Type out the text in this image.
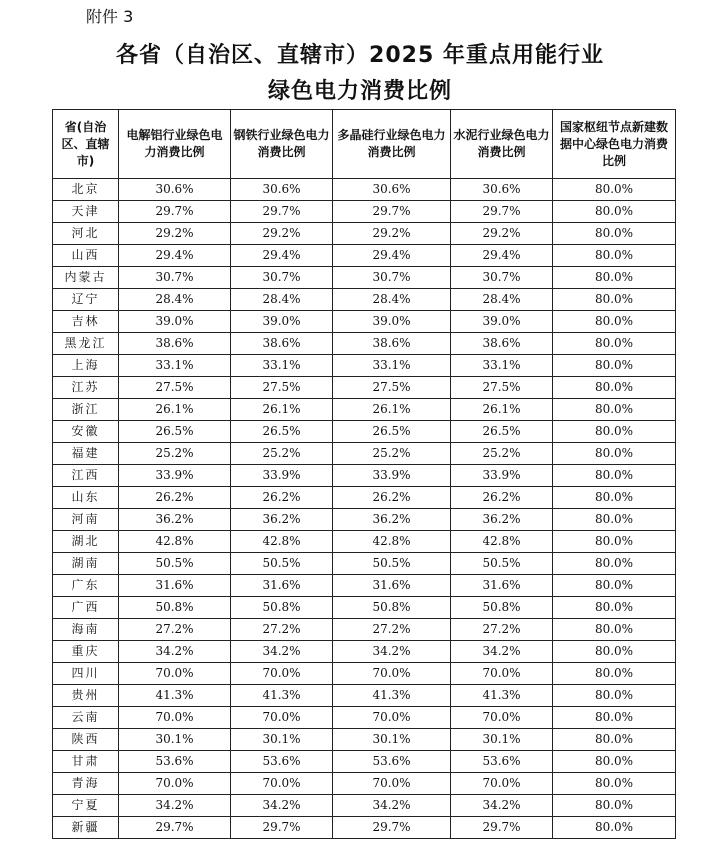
附件 3
各省（自治区、直辖市）2025 年重点用能行业
绿色电力消费比例
省(自治区、直辖市)	电解铝行业绿色电力消费比例	钢铁行业绿色电力消费比例	多晶硅行业绿色电力消费比例	水泥行业绿色电力消费比例	国家枢纽节点新建数据中心绿色电力消费比例
北京	30.6%	30.6%	30.6%	30.6%	80.0%
天津	29.7%	29.7%	29.7%	29.7%	80.0%
河北	29.2%	29.2%	29.2%	29.2%	80.0%
山西	29.4%	29.4%	29.4%	29.4%	80.0%
内蒙古	30.7%	30.7%	30.7%	30.7%	80.0%
辽宁	28.4%	28.4%	28.4%	28.4%	80.0%
吉林	39.0%	39.0%	39.0%	39.0%	80.0%
黑龙江	38.6%	38.6%	38.6%	38.6%	80.0%
上海	33.1%	33.1%	33.1%	33.1%	80.0%
江苏	27.5%	27.5%	27.5%	27.5%	80.0%
浙江	26.1%	26.1%	26.1%	26.1%	80.0%
安徽	26.5%	26.5%	26.5%	26.5%	80.0%
福建	25.2%	25.2%	25.2%	25.2%	80.0%
江西	33.9%	33.9%	33.9%	33.9%	80.0%
山东	26.2%	26.2%	26.2%	26.2%	80.0%
河南	36.2%	36.2%	36.2%	36.2%	80.0%
湖北	42.8%	42.8%	42.8%	42.8%	80.0%
湖南	50.5%	50.5%	50.5%	50.5%	80.0%
广东	31.6%	31.6%	31.6%	31.6%	80.0%
广西	50.8%	50.8%	50.8%	50.8%	80.0%
海南	27.2%	27.2%	27.2%	27.2%	80.0%
重庆	34.2%	34.2%	34.2%	34.2%	80.0%
四川	70.0%	70.0%	70.0%	70.0%	80.0%
贵州	41.3%	41.3%	41.3%	41.3%	80.0%
云南	70.0%	70.0%	70.0%	70.0%	80.0%
陕西	30.1%	30.1%	30.1%	30.1%	80.0%
甘肃	53.6%	53.6%	53.6%	53.6%	80.0%
青海	70.0%	70.0%	70.0%	70.0%	80.0%
宁夏	34.2%	34.2%	34.2%	34.2%	80.0%
新疆	29.7%	29.7%	29.7%	29.7%	80.0%
